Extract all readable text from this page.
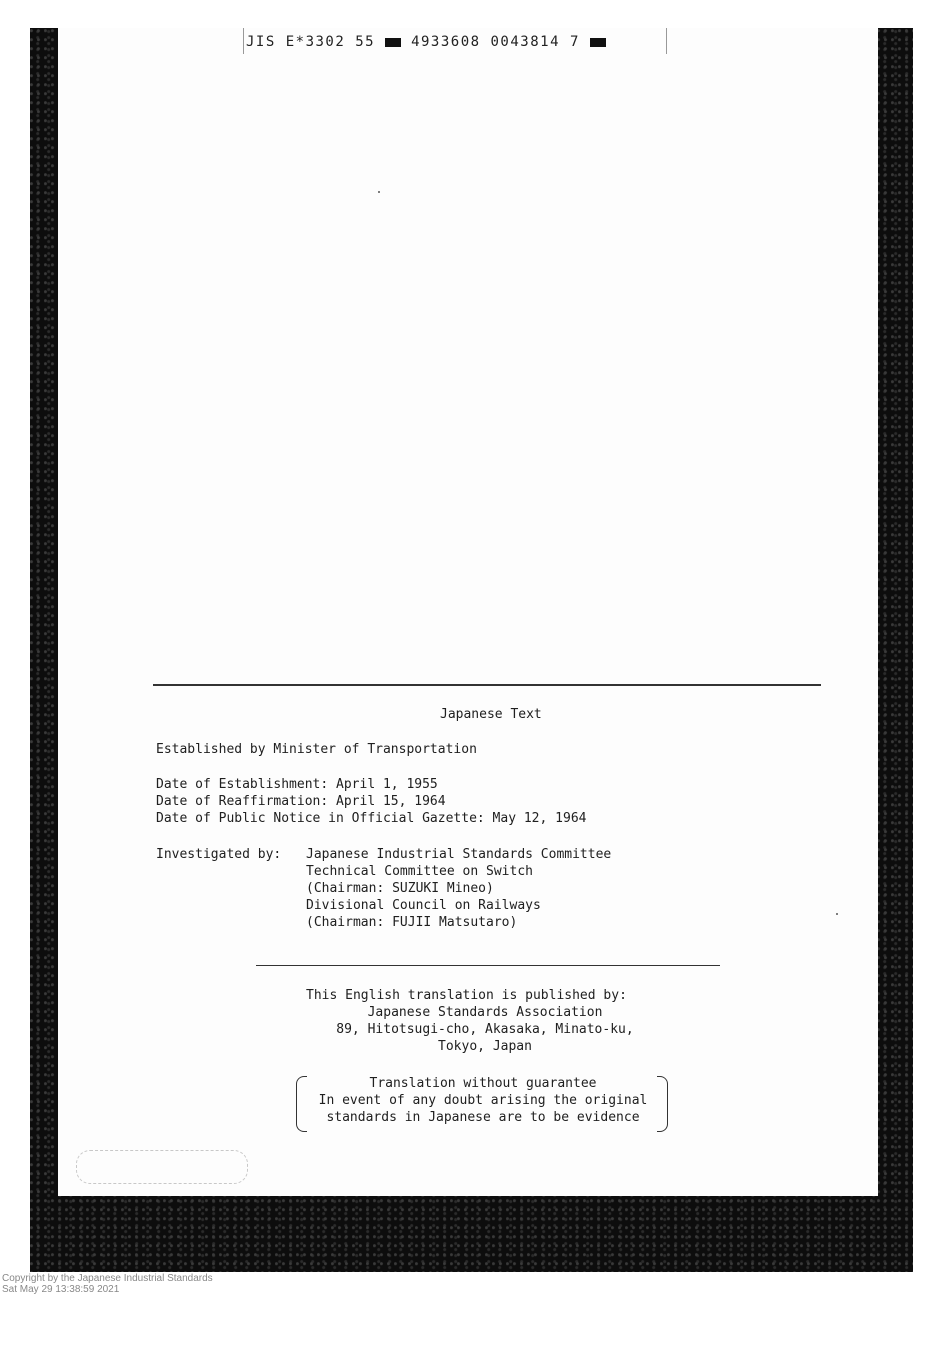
JIS E*3302 55	4933608 0043814 7
Japanese Text
Established by Minister of Transportation
Date of Establishment: April 1, 1955
Date of Reaffirmation: April 15, 1964
Date of Public Notice in Official Gazette: May 12, 1964
Investigated by: Japanese Industrial Standards Committee
Technical Committee on Switch
(Chairman: SUZUKI Mineo)
Divisional Council on Railways
(Chairman: FUJII Matsutaro)
This English translation is published by:
Japanese Standards Association
89, Hitotsugi-cho, Akasaka, Minato-ku,
Tokyo, Japan
Translation without guarantee
In event of any doubt arising the original
standards in Japanese are to be evidence
Copyright by the Japanese Industrial Standards
Sat May 29 13:38:59 2021
